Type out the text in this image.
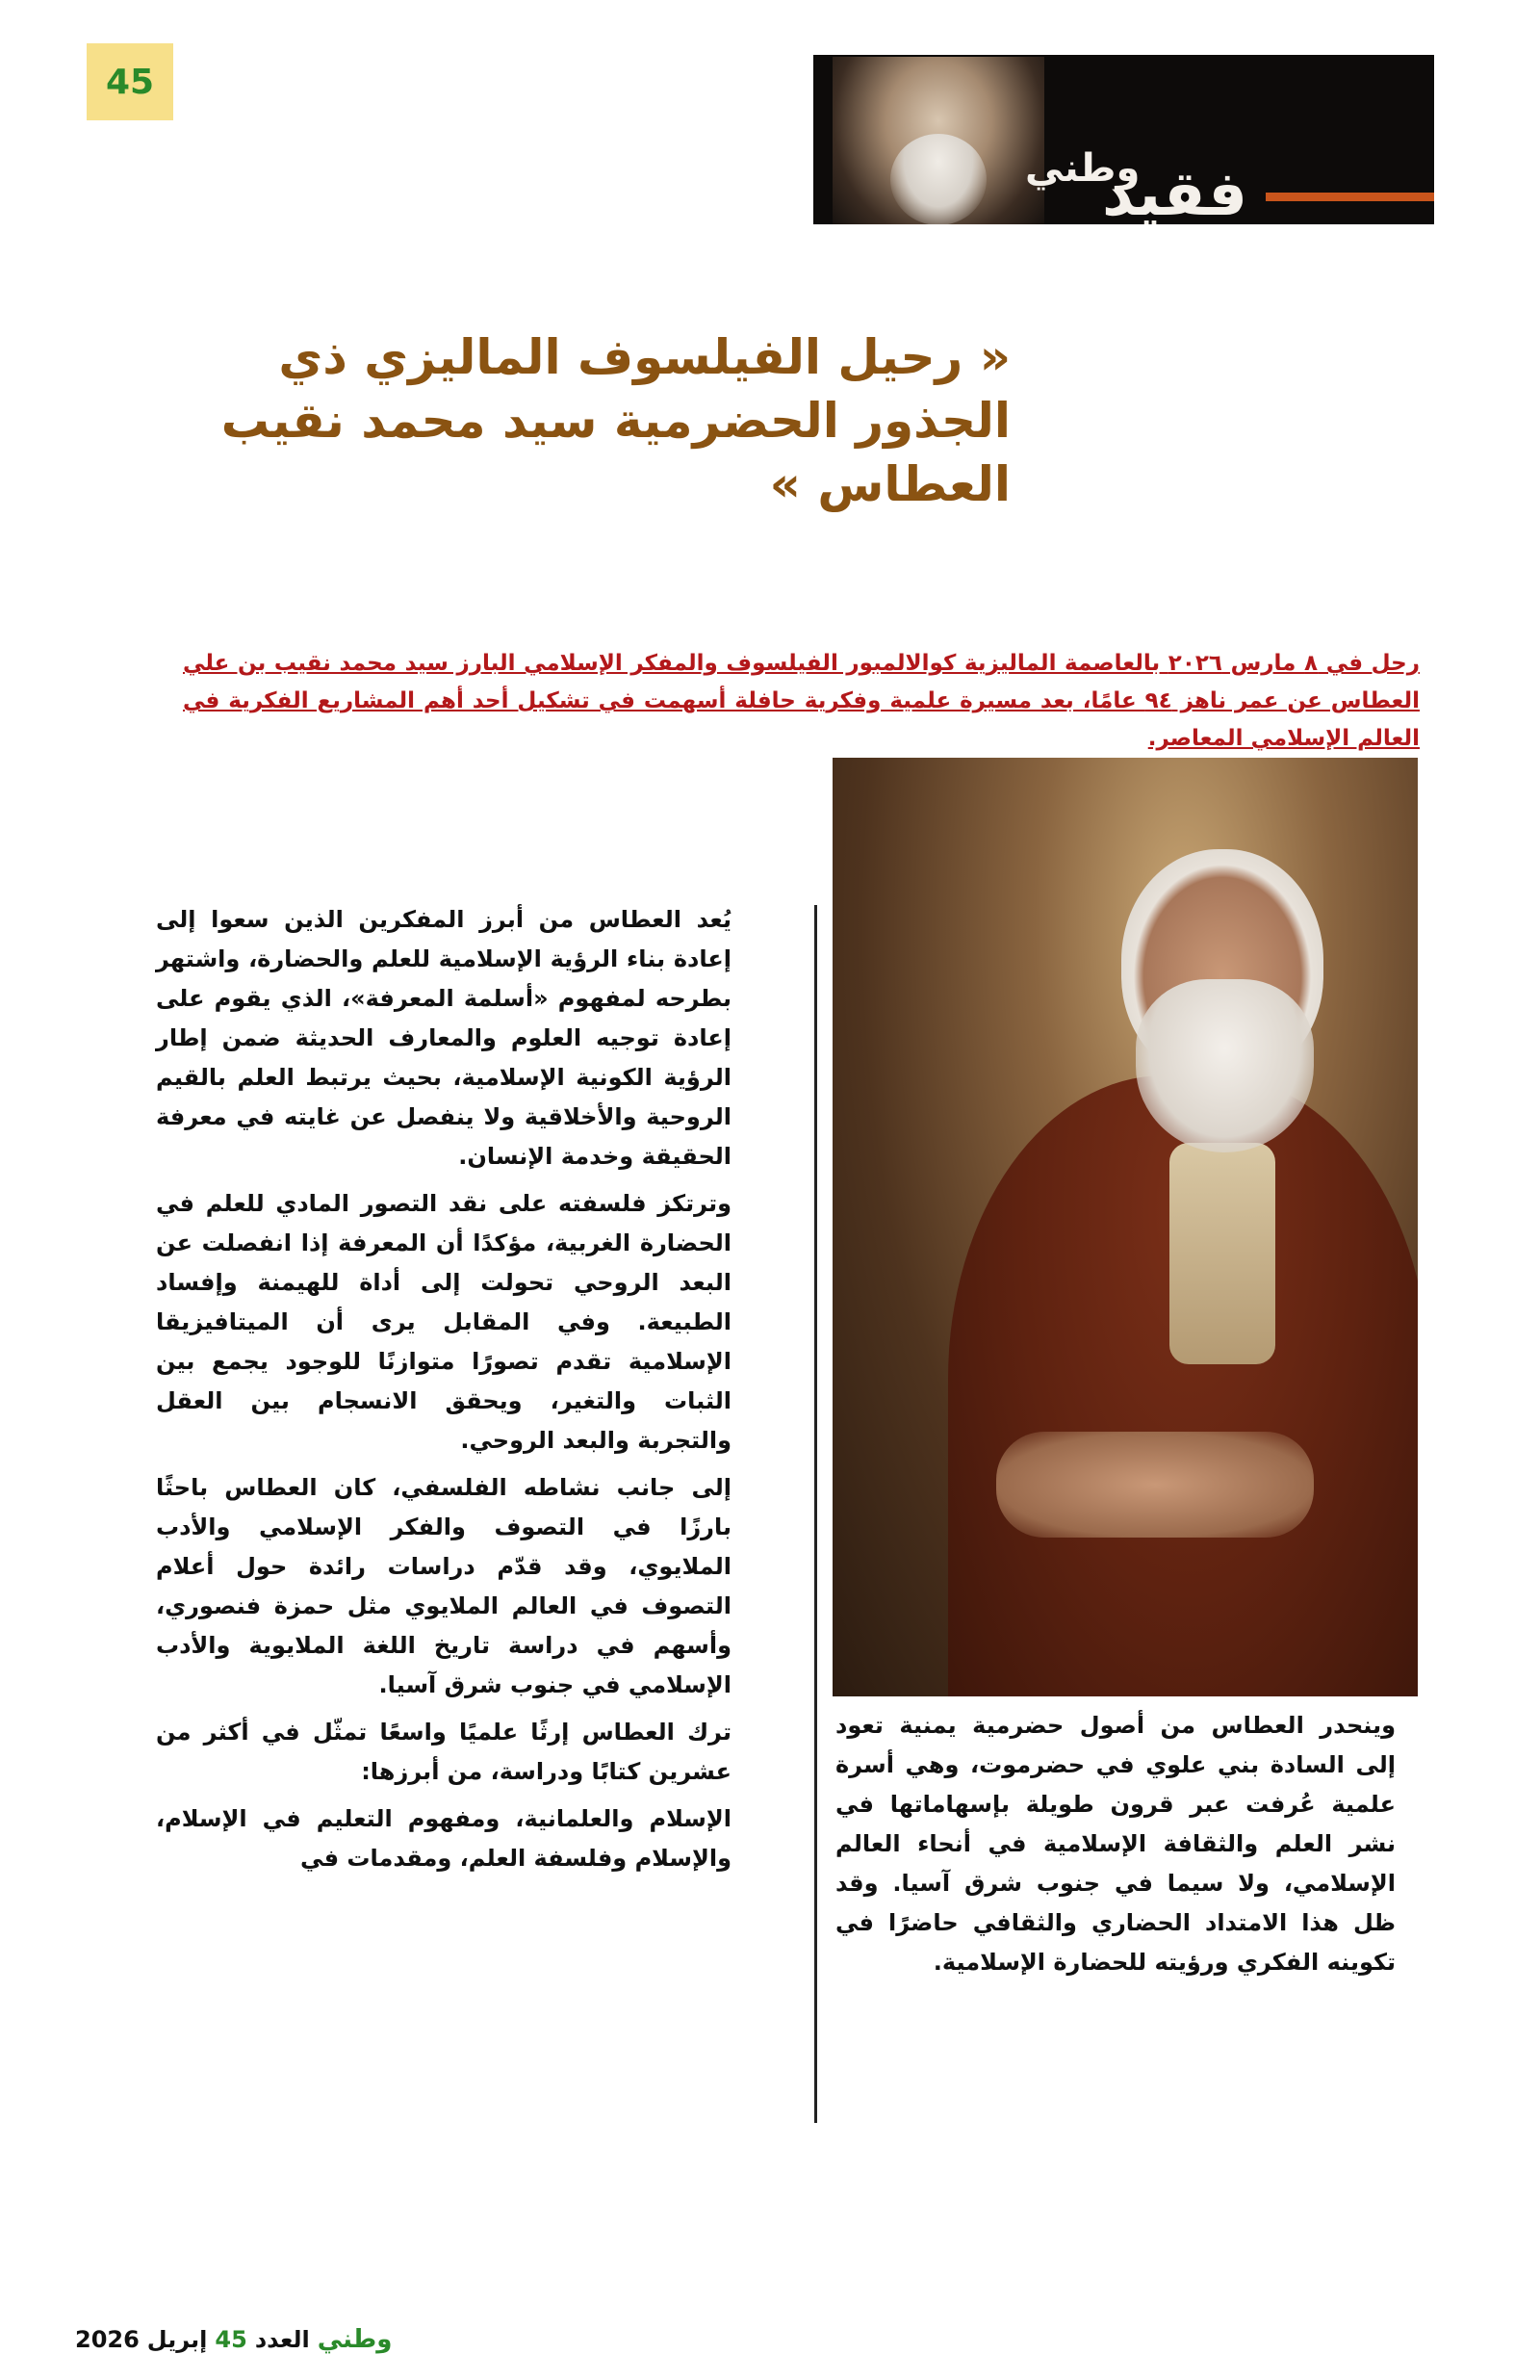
45
وطني
فقيد
« رحيل الفيلسوف الماليزي ذي الجذور الحضرمية سيد محمد نقيب العطاس »
رحل في ٨ مارس ٢٠٢٦ بالعاصمة الماليزية كوالالمبور الفيلسوف والمفكر الإسلامي البارز سيد محمد نقيب بن علي العطاس عن عمر ناهز ٩٤ عامًا، بعد مسيرة علمية وفكرية حافلة أسهمت في تشكيل أحد أهم المشاريع الفكرية في العالم الإسلامي المعاصر.

يُعد العطاس من أبرز المفكرين الذين سعوا إلى إعادة بناء الرؤية الإسلامية للعلم والحضارة، واشتهر بطرحه لمفهوم «أسلمة المعرفة»، الذي يقوم على إعادة توجيه العلوم والمعارف الحديثة ضمن إطار الرؤية الكونية الإسلامية، بحيث يرتبط العلم بالقيم الروحية والأخلاقية ولا ينفصل عن غايته في معرفة الحقيقة وخدمة الإنسان.

وترتكز فلسفته على نقد التصور المادي للعلم في الحضارة الغربية، مؤكدًا أن المعرفة إذا انفصلت عن البعد الروحي تحولت إلى أداة للهيمنة وإفساد الطبيعة. وفي المقابل يرى أن الميتافيزيقا الإسلامية تقدم تصورًا متوازنًا للوجود يجمع بين الثبات والتغير، ويحقق الانسجام بين العقل والتجربة والبعد الروحي.

إلى جانب نشاطه الفلسفي، كان العطاس باحثًا بارزًا في التصوف والفكر الإسلامي والأدب الملايوي، وقد قدّم دراسات رائدة حول أعلام التصوف في العالم الملايوي مثل حمزة فنصوري، وأسهم في دراسة تاريخ اللغة الملايوية والأدب الإسلامي في جنوب شرق آسيا.

ترك العطاس إرثًا علميًا واسعًا تمثّل في أكثر من عشرين كتابًا ودراسة، من أبرزها:

الإسلام والعلمانية، ومفهوم التعليم في الإسلام، والإسلام وفلسفة العلم، ومقدمات في

وينحدر العطاس من أصول حضرمية يمنية تعود إلى السادة بني علوي في حضرموت، وهي أسرة علمية عُرفت عبر قرون طويلة بإسهاماتها في نشر العلم والثقافة الإسلامية في أنحاء العالم الإسلامي، ولا سيما في جنوب شرق آسيا. وقد ظل هذا الامتداد الحضاري والثقافي حاضرًا في تكوينه الفكري ورؤيته للحضارة الإسلامية.

وطني
العدد
45
إبريل
2026
